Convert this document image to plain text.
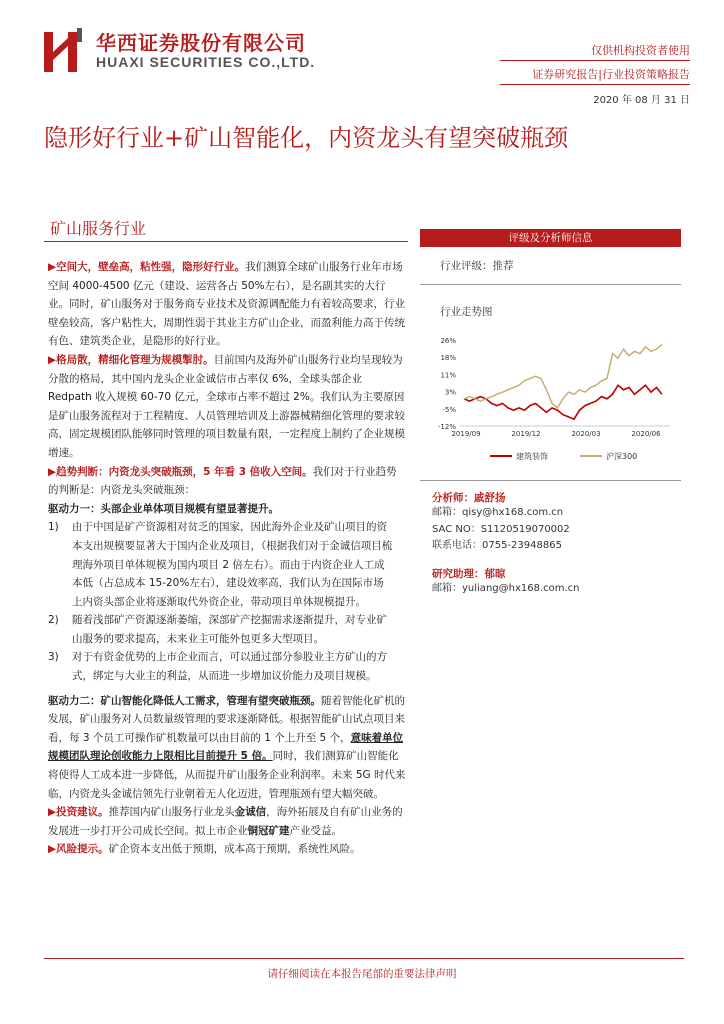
华西证券股份有限公司
HUAXI SECURITIES CO.,LTD.
仅供机构投资者使用
证券研究报告|行业投资策略报告
2020 年 08 月 31 日
隐形好行业+矿山智能化，内资龙头有望突破瓶颈
矿山服务行业

▶空间大，壁垒高，粘性强，隐形好行业。我们测算全球矿山服务行业年市场空间 4000-4500 亿元（建设、运营各占 50%左右），是名副其实的大行业。同时，矿山服务对于服务商专业技术及资源调配能力有着较高要求，行业壁垒较高，客户粘性大，周期性弱于其业主方矿山企业，而盈利能力高于传统有色、建筑类企业，是隐形的好行业。

▶格局散，精细化管理为规模掣肘。目前国内及海外矿山服务行业均呈现较为分散的格局，其中国内龙头企业金诚信市占率仅 6%，全球头部企业 Redpath 收入规模 60-70 亿元，全球市占率不超过 2%。我们认为主要原因是矿山服务流程对于工程精度、人员管理培训及上游器械精细化管理的要求较高，固定规模团队能够同时管理的项目数量有限，一定程度上制约了企业规模增速。

▶趋势判断：内资龙头突破瓶颈，5 年看 3 倍收入空间。我们对于行业趋势的判断是：内资龙头突破瓶颈：

驱动力一：头部企业单体项目规模有望显著提升。

1)	由于中国是矿产资源相对贫乏的国家，因此海外企业及矿山项目的资本支出规模要显著大于国内企业及项目，（根据我们对于金诚信项目梳理海外项目单体规模为国内项目 2 倍左右）。而由于内资企业人工成本低（占总成本 15-20%左右），建设效率高，我们认为在国际市场上内资头部企业将逐渐取代外资企业，带动项目单体规模提升。
2)	随着浅部矿产资源逐渐萎缩，深部矿产挖掘需求逐渐提升，对专业矿山服务的要求提高，未来业主可能外包更多大型项目。
3)	对于有资金优势的上市企业而言，可以通过部分参股业主方矿山的方式，绑定与大业主的利益，从而进一步增加议价能力及项目规模。

驱动力二：矿山智能化降低人工需求，管理有望突破瓶颈。随着智能化矿机的发展，矿山服务对人员数量级管理的要求逐渐降低。根据智能矿山试点项目来看，每 3 个员工可操作矿机数量可以由目前的 1 个上升至 5 个，意味着单位规模团队理论创收能力上限相比目前提升 5 倍。同时，我们测算矿山智能化将使得人工成本进一步降低，从而提升矿山服务企业利润率。未来 5G 时代来临，内资龙头金诚信领先行业朝着无人化迈进，管理瓶颈有望大幅突破。

▶投资建议。推荐国内矿山服务行业龙头金诚信，海外拓展及自有矿山业务的发展进一步打开公司成长空间。拟上市企业铜冠矿建产业受益。

▶风险提示。矿企资本支出低于预期，成本高于预期，系统性风险。

评级及分析师信息
行业评级：推荐
行业走势图
26%
18%
11%
3%
-5%
-12%
2019/09	2019/12	2020/03	2020/06
建筑装饰	沪深300
分析师：戚舒扬
邮箱：qisy@hx168.com.cn
SAC NO：S1120519070002
联系电话：0755-23948865
研究助理：郁晾
邮箱：yuliang@hx168.com.cn
请仔细阅读在本报告尾部的重要法律声明
